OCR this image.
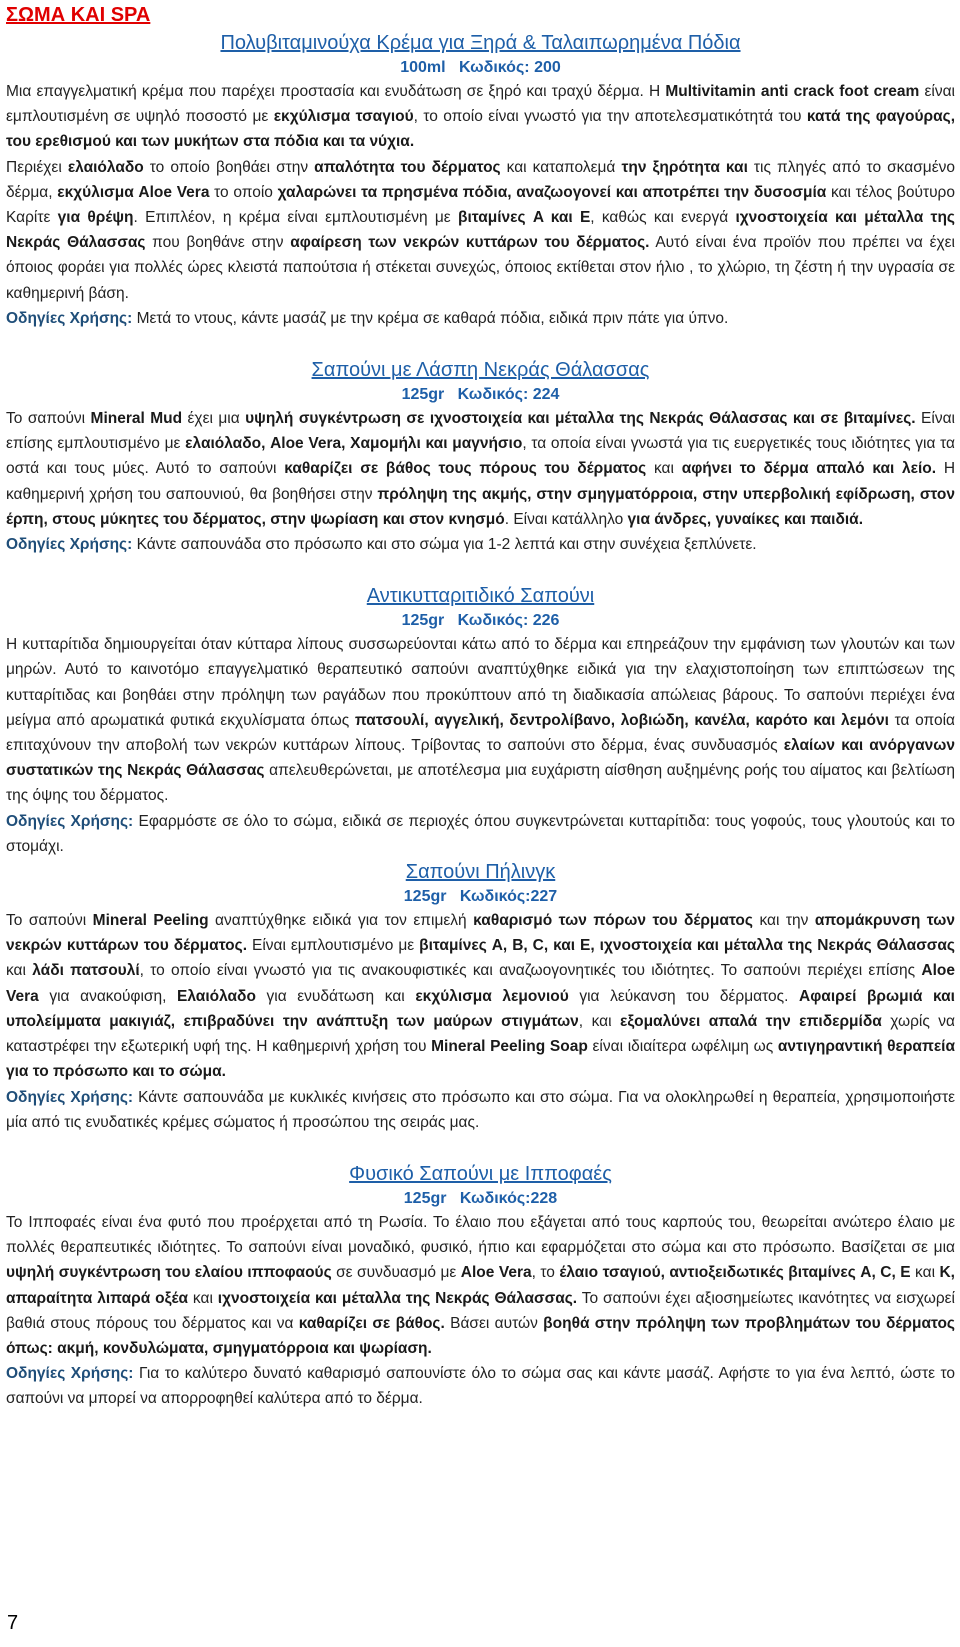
ΣΩΜΑ ΚΑΙ SPA
Πολυβιταμινούχα Κρέμα για Ξηρά & Ταλαιπωρημένα Πόδια
100ml Κωδικός: 200

Μια επαγγελματική κρέμα που παρέχει προστασία και ενυδάτωση σε ξηρό και τραχύ δέρμα. Η Multivitamin anti crack foot cream είναι εμπλουτισμένη σε υψηλό ποσοστό με εκχύλισμα τσαγιού, το οποίο είναι γνωστό για την αποτελεσματικότητά του κατά της φαγούρας, του ερεθισμού και των μυκήτων στα πόδια και τα νύχια.

Περιέχει ελαιόλαδο το οποίο βοηθάει στην απαλότητα του δέρματος και καταπολεμά την ξηρότητα και τις πληγές από το σκασμένο δέρμα, εκχύλισμα Aloe Vera το οποίο χαλαρώνει τα πρησμένα πόδια, αναζωογονεί και αποτρέπει την δυσοσμία και τέλος βούτυρο Καρίτε για θρέψη. Επιπλέον, η κρέμα είναι εμπλουτισμένη με βιταμίνες A και E, καθώς και ενεργά ιχνοστοιχεία και μέταλλα της Νεκράς Θάλασσας που βοηθάνε στην αφαίρεση των νεκρών κυττάρων του δέρματος. Αυτό είναι ένα προϊόν που πρέπει να έχει όποιος φοράει για πολλές ώρες κλειστά παπούτσια ή στέκεται συνεχώς, όποιος εκτίθεται στον ήλιο , το χλώριο, τη ζέστη ή την υγρασία σε καθημερινή βάση.

Οδηγίες Χρήσης: Μετά το ντους, κάντε μασάζ με την κρέμα σε καθαρά πόδια, ειδικά πριν πάτε για ύπνο.

Σαπούνι με Λάσπη Νεκράς Θάλασσας
125gr Κωδικός: 224

Το σαπούνι Mineral Mud έχει μια υψηλή συγκέντρωση σε ιχνοστοιχεία και μέταλλα της Νεκράς Θάλασσας και σε βιταμίνες. Είναι επίσης εμπλουτισμένο με ελαιόλαδο, Aloe Vera, Χαμομήλι και μαγνήσιο, τα οποία είναι γνωστά για τις ευεργετικές τους ιδιότητες για τα οστά και τους μύες. Αυτό το σαπούνι καθαρίζει σε βάθος τους πόρους του δέρματος και αφήνει το δέρμα απαλό και λείο. Η καθημερινή χρήση του σαπουνιού, θα βοηθήσει στην πρόληψη της ακμής, στην σμηγματόρροια, στην υπερβολική εφίδρωση, στον έρπη, στους μύκητες του δέρματος, στην ψωρίαση και στον κνησμό. Είναι κατάλληλο για άνδρες, γυναίκες και παιδιά.

Οδηγίες Χρήσης: Κάντε σαπουνάδα στο πρόσωπο και στο σώμα για 1-2 λεπτά και στην συνέχεια ξεπλύνετε.

Αντικυτταριτιδικό Σαπούνι
125gr Κωδικός: 226

Η κυτταρίτιδα δημιουργείται όταν κύτταρα λίπους συσσωρεύονται κάτω από το δέρμα και επηρεάζουν την εμφάνιση των γλουτών και των μηρών. Αυτό το καινοτόμο επαγγελματικό θεραπευτικό σαπούνι αναπτύχθηκε ειδικά για την ελαχιστοποίηση των επιπτώσεων της κυτταρίτιδας και βοηθάει στην πρόληψη των ραγάδων που προκύπτουν από τη διαδικασία απώλειας βάρους. Το σαπούνι περιέχει ένα μείγμα από αρωματικά φυτικά εκχυλίσματα όπως πατσουλί, αγγελική, δεντρολίβανο, λοβιώδη, κανέλα, καρότο και λεμόνι τα οποία επιταχύνουν την αποβολή των νεκρών κυττάρων λίπους. Τρίβοντας το σαπούνι στο δέρμα, ένας συνδυασμός ελαίων και ανόργανων συστατικών της Νεκράς Θάλασσας απελευθερώνεται, με αποτέλεσμα μια ευχάριστη αίσθηση αυξημένης ροής του αίματος και βελτίωση της όψης του δέρματος.

Οδηγίες Χρήσης: Εφαρμόστε σε όλο το σώμα, ειδικά σε περιοχές όπου συγκεντρώνεται κυτταρίτιδα: τους γοφούς, τους γλουτούς και το στομάχι.

Σαπούνι Πήλινγκ
125gr Κωδικός:227

Το σαπούνι Mineral Peeling αναπτύχθηκε ειδικά για τον επιμελή καθαρισμό των πόρων του δέρματος και την απομάκρυνση των νεκρών κυττάρων του δέρματος. Είναι εμπλουτισμένο με βιταμίνες A, B, C, και E, ιχνοστοιχεία και μέταλλα της Νεκράς Θάλασσας και λάδι πατσουλί, το οποίο είναι γνωστό για τις ανακουφιστικές και αναζωογονητικές του ιδιότητες. Το σαπούνι περιέχει επίσης Aloe Vera για ανακούφιση, Ελαιόλαδο για ενυδάτωση και εκχύλισμα λεμονιού για λεύκανση του δέρματος. Αφαιρεί βρωμιά και υπολείμματα μακιγιάζ, επιβραδύνει την ανάπτυξη των μαύρων στιγμάτων, και εξομαλύνει απαλά την επιδερμίδα χωρίς να καταστρέφει την εξωτερική υφή της. Η καθημερινή χρήση του Mineral Peeling Soap είναι ιδιαίτερα ωφέλιμη ως αντιγηραντική θεραπεία για το πρόσωπο και το σώμα.

Οδηγίες Χρήσης: Κάντε σαπουνάδα με κυκλικές κινήσεις στο πρόσωπο και στο σώμα. Για να ολοκληρωθεί η θεραπεία, χρησιμοποιήστε μία από τις ενυδατικές κρέμες σώματος ή προσώπου της σειράς μας.

Φυσικό Σαπούνι με Ιπποφαές
125gr Κωδικός:228

Το Ιπποφαές είναι ένα φυτό που προέρχεται από τη Ρωσία. Το έλαιο που εξάγεται από τους καρπούς του, θεωρείται ανώτερο έλαιο με πολλές θεραπευτικές ιδιότητες. Το σαπούνι είναι μοναδικό, φυσικό, ήπιο και εφαρμόζεται στο σώμα και στο πρόσωπο. Βασίζεται σε μια υψηλή συγκέντρωση του ελαίου ιπποφαούς σε συνδυασμό με Aloe Vera, το έλαιο τσαγιού, αντιοξειδωτικές βιταμίνες A, C, E και K, απαραίτητα λιπαρά οξέα και ιχνοστοιχεία και μέταλλα της Νεκράς Θάλασσας. Το σαπούνι έχει αξιοσημείωτες ικανότητες να εισχωρεί βαθιά στους πόρους του δέρματος και να καθαρίζει σε βάθος. Βάσει αυτών βοηθά στην πρόληψη των προβλημάτων του δέρματος όπως: ακμή, κονδυλώματα, σμηγματόρροια και ψωρίαση.

Οδηγίες Χρήσης: Για το καλύτερο δυνατό καθαρισμό σαπουνίστε όλο το σώμα σας και κάντε μασάζ. Αφήστε το για ένα λεπτό, ώστε το σαπούνι να μπορεί να απορροφηθεί καλύτερα από το δέρμα.

7
